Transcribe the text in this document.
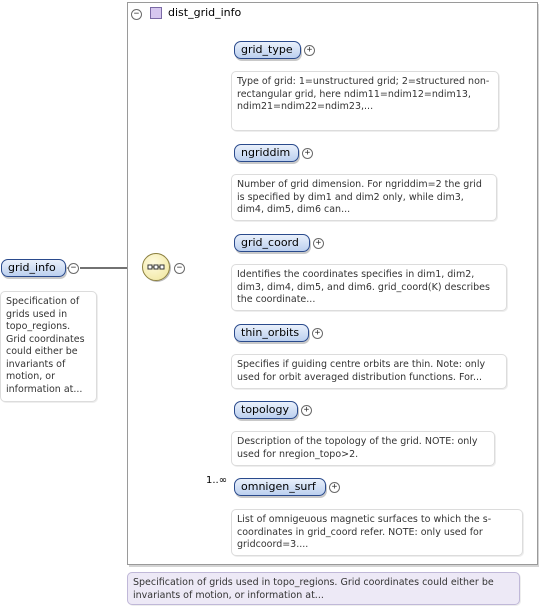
−	dist_grid_info
grid_info	−
Specification of grids used in topo_regions. Grid coordinates could either be invariants of motion, or information at...
−
grid_type	+
Type of grid: 1=unstructured grid; 2=structured non-rectangular grid, here ndim11=ndim12=ndim13, ndim21=ndim22=ndim23,...
ngriddim	+
Number of grid dimension. For ngriddim=2 the grid is specified by dim1 and dim2 only, while dim3, dim4, dim5, dim6 can...
grid_coord	+
Identifies the coordinates specifies in dim1, dim2, dim3, dim4, dim5, and dim6. grid_coord(K) describes the coordinate...
thin_orbits	+
Specifies if guiding centre orbits are thin. Note: only used for orbit averaged distribution functions. For...
topology	+
Description of the topology of the grid. NOTE: only used for nregion_topo>2.
1..∞	omnigen_surf	+
List of omnigeuous magnetic surfaces to which the s-coordinates in grid_coord refer. NOTE: only used for gridcoord=3....
Specification of grids used in topo_regions. Grid coordinates could either be invariants of motion, or information at...
